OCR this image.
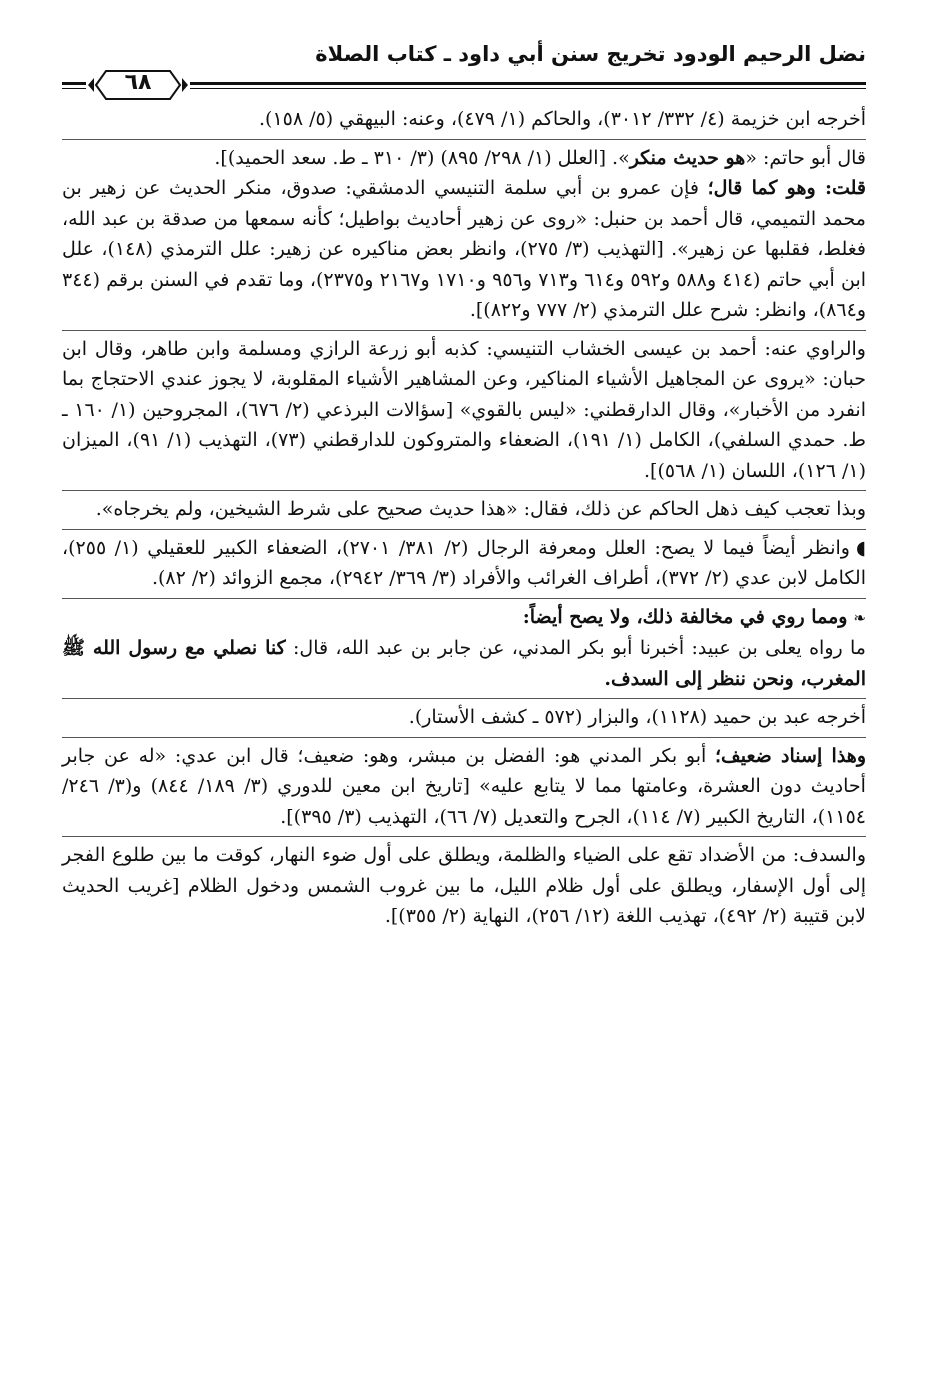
نضل الرحيم الودود تخريج سنن أبي داود ـ كتاب الصلاة
٦٨

أخرجه ابن خزيمة (٤/ ٣٣٢/ ٣٠١٢)، والحاكم (١/ ٤٧٩)، وعنه: البيهقي (٥/ ١٥٨).

قال أبو حاتم: «هو حديث منكر». [العلل (١/ ٢٩٨/ ٨٩٥) (٣/ ٣١٠ ـ ط. سعد الحميد)].

قلت: وهو كما قال؛ فإن عمرو بن أبي سلمة التنيسي الدمشقي: صدوق، منكر الحديث عن زهير بن محمد التميمي، قال أحمد بن حنبل: «روى عن زهير أحاديث بواطيل؛ كأنه سمعها من صدقة بن عبد الله، فغلط، فقلبها عن زهير». [التهذيب (٣/ ٢٧٥)، وانظر بعض مناكيره عن زهير: علل الترمذي (١٤٨)، علل ابن أبي حاتم (٤١٤ و٥٨٨ و٥٩٢ و٦١٤ و٧١٣ و٩٥٦ و١٧١٠ و٢١٦٧ و٢٣٧٥)، وما تقدم في السنن برقم (٣٤٤ و٨٦٤)، وانظر: شرح علل الترمذي (٢/ ٧٧٧ و٨٢٢)].

والراوي عنه: أحمد بن عيسى الخشاب التنيسي: كذبه أبو زرعة الرازي ومسلمة وابن طاهر، وقال ابن حبان: «يروى عن المجاهيل الأشياء المناكير، وعن المشاهير الأشياء المقلوبة، لا يجوز عندي الاحتجاج بما انفرد من الأخبار»، وقال الدارقطني: «ليس بالقوي» [سؤالات البرذعي (٢/ ٦٧٦)، المجروحين (١/ ١٦٠ ـ ط. حمدي السلفي)، الكامل (١/ ١٩١)، الضعفاء والمتروكون للدارقطني (٧٣)، التهذيب (١/ ٩١)، الميزان (١/ ١٢٦)، اللسان (١/ ٥٦٨)].

وبذا تعجب كيف ذهل الحاكم عن ذلك، فقال: «هذا حديث صحيح على شرط الشيخين، ولم يخرجاه».

◖وانظر أيضاً فيما لا يصح: العلل ومعرفة الرجال (٢/ ٣٨١/ ٢٧٠١)، الضعفاء الكبير للعقيلي (١/ ٢٥٥)، الكامل لابن عدي (٢/ ٣٧٢)، أطراف الغرائب والأفراد (٣/ ٣٦٩/ ٢٩٤٢)، مجمع الزوائد (٢/ ٨٢).

❧ومما روي في مخالفة ذلك، ولا يصح أيضاً:

ما رواه يعلى بن عبيد: أخبرنا أبو بكر المدني، عن جابر بن عبد الله، قال: كنا نصلي مع رسول الله ﷺ المغرب، ونحن ننظر إلى السدف.

أخرجه عبد بن حميد (١١٢٨)، والبزار (٥٧٢ ـ كشف الأستار).

وهذا إسناد ضعيف؛ أبو بكر المدني هو: الفضل بن مبشر، وهو: ضعيف؛ قال ابن عدي: «له عن جابر أحاديث دون العشرة، وعامتها مما لا يتابع عليه» [تاريخ ابن معين للدوري (٣/ ١٨٩/ ٨٤٤) و(٣/ ٢٤٦/ ١١٥٤)، التاريخ الكبير (٧/ ١١٤)، الجرح والتعديل (٧/ ٦٦)، التهذيب (٣/ ٣٩٥)].

والسدف: من الأضداد تقع على الضياء والظلمة، ويطلق على أول ضوء النهار، كوقت ما بين طلوع الفجر إلى أول الإسفار، ويطلق على أول ظلام الليل، ما بين غروب الشمس ودخول الظلام [غريب الحديث لابن قتيبة (٢/ ٤٩٢)، تهذيب اللغة (١٢/ ٢٥٦)، النهاية (٢/ ٣٥٥)].
